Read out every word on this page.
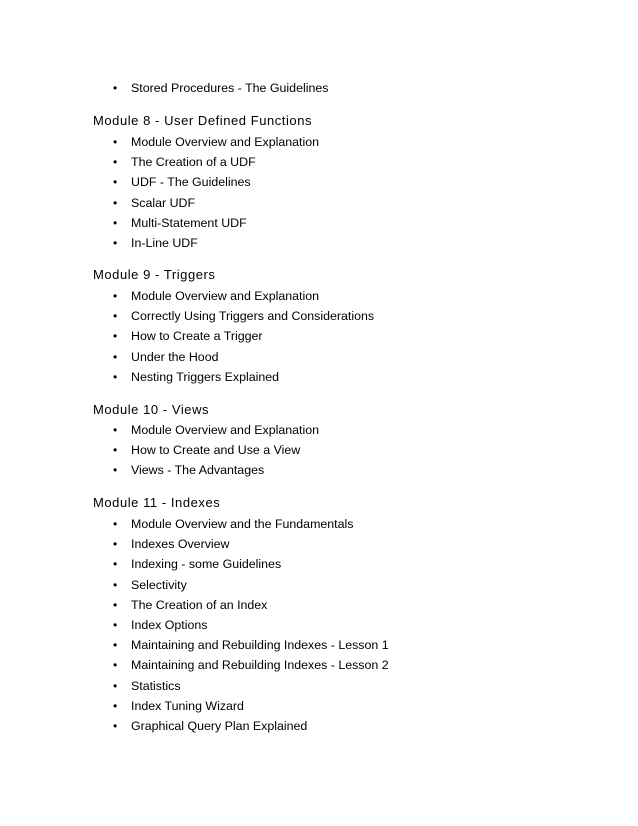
• Stored Procedures - The Guidelines
Module 8 - User Defined Functions
• Module Overview and Explanation
• The Creation of a UDF
• UDF - The Guidelines
• Scalar UDF
• Multi-Statement UDF
• In-Line UDF
Module 9 - Triggers
• Module Overview and Explanation
• Correctly Using Triggers and Considerations
• How to Create a Trigger
• Under the Hood
• Nesting Triggers Explained
Module 10 - Views
• Module Overview and Explanation
• How to Create and Use a View
• Views - The Advantages
Module 11 - Indexes
• Module Overview and the Fundamentals
• Indexes Overview
• Indexing - some Guidelines
• Selectivity
• The Creation of an Index
• Index Options
• Maintaining and Rebuilding Indexes - Lesson 1
• Maintaining and Rebuilding Indexes - Lesson 2
• Statistics
• Index Tuning Wizard
• Graphical Query Plan Explained
